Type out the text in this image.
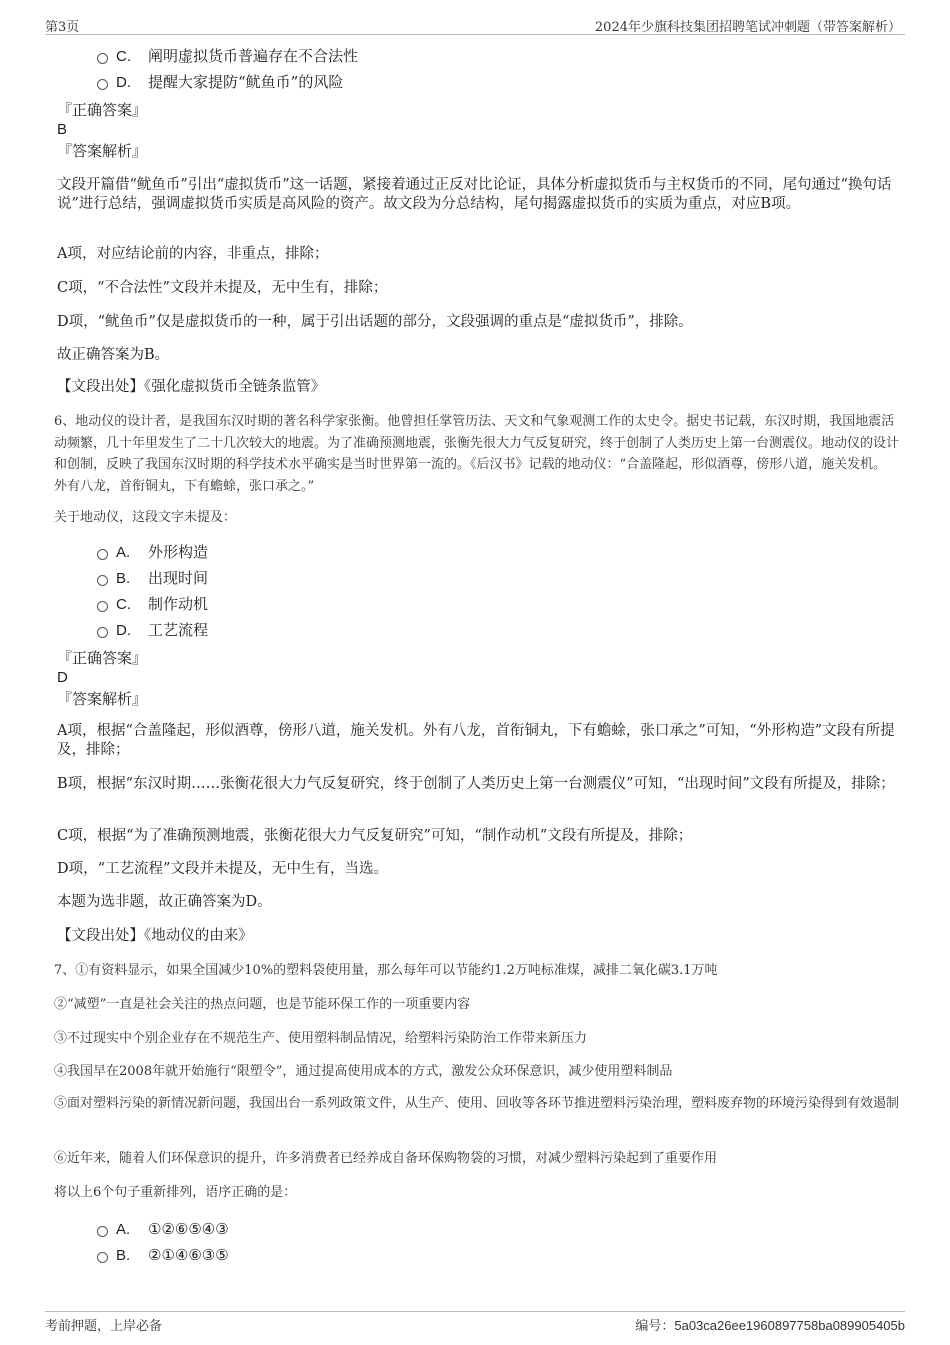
第3页	2024年少旗科技集团招聘笔试冲刺题（带答案解析）
C. 阐明虚拟货币普遍存在不合法性
D. 提醒大家提防“鱿鱼币”的风险
『正确答案』
B
『答案解析』
文段开篇借“鱿鱼币”引出“虚拟货币”这一话题，紧接着通过正反对比论证，具体分析虚拟货币与主权货币的不同，尾句通过“换句话说”进行总结，强调虚拟货币实质是高风险的资产。故文段为分总结构，尾句揭露虚拟货币的实质为重点，对应B项。
A项，对应结论前的内容，非重点，排除；
C项，“不合法性”文段并未提及，无中生有，排除；
D项，“鱿鱼币”仅是虚拟货币的一种，属于引出话题的部分，文段强调的重点是“虚拟货币”，排除。
故正确答案为B。
【文段出处】《强化虚拟货币全链条监管》
6、地动仪的设计者，是我国东汉时期的著名科学家张衡。他曾担任掌管历法、天文和气象观测工作的太史令。据史书记载，东汉时期，我国地震活动频繁，几十年里发生了二十几次较大的地震。为了准确预测地震，张衡先很大力气反复研究，终于创制了人类历史上第一台测震仪。地动仪的设计和创制，反映了我国东汉时期的科学技术水平确实是当时世界第一流的。《后汉书》记载的地动仪：“合盖隆起，形似酒尊，傍形八道，施关发机。外有八龙，首衔铜丸，下有蟾蜍，张口承之。”
关于地动仪，这段文字未提及：
A. 外形构造
B. 出现时间
C. 制作动机
D. 工艺流程
『正确答案』
D
『答案解析』
A项，根据“合盖隆起，形似酒尊，傍形八道，施关发机。外有八龙，首衔铜丸，下有蟾蜍，张口承之”可知，“外形构造”文段有所提及，排除；
B项，根据“东汉时期……张衡花很大力气反复研究，终于创制了人类历史上第一台测震仪”可知，“出现时间”文段有所提及，排除；
C项，根据“为了准确预测地震，张衡花很大力气反复研究”可知，“制作动机”文段有所提及，排除；
D项，“工艺流程”文段并未提及，无中生有，当选。
本题为选非题，故正确答案为D。
【文段出处】《地动仪的由来》
7、①有资料显示，如果全国减少10%的塑料袋使用量，那么每年可以节能约1.2万吨标准煤，减排二氧化碳3.1万吨
②“减塑”一直是社会关注的热点问题，也是节能环保工作的一项重要内容
③不过现实中个别企业存在不规范生产、使用塑料制品情况，给塑料污染防治工作带来新压力
④我国早在2008年就开始施行“限塑令”，通过提高使用成本的方式，激发公众环保意识，减少使用塑料制品
⑤面对塑料污染的新情况新问题，我国出台一系列政策文件，从生产、使用、回收等各环节推进塑料污染治理，塑料废弃物的环境污染得到有效遏制
⑥近年来，随着人们环保意识的提升，许多消费者已经养成自备环保购物袋的习惯，对减少塑料污染起到了重要作用
将以上6个句子重新排列，语序正确的是：
A. ①②⑥⑤④③
B. ②①④⑥③⑤
考前押题，上岸必备	编号：5a03ca26ee1960897758ba089905405b
